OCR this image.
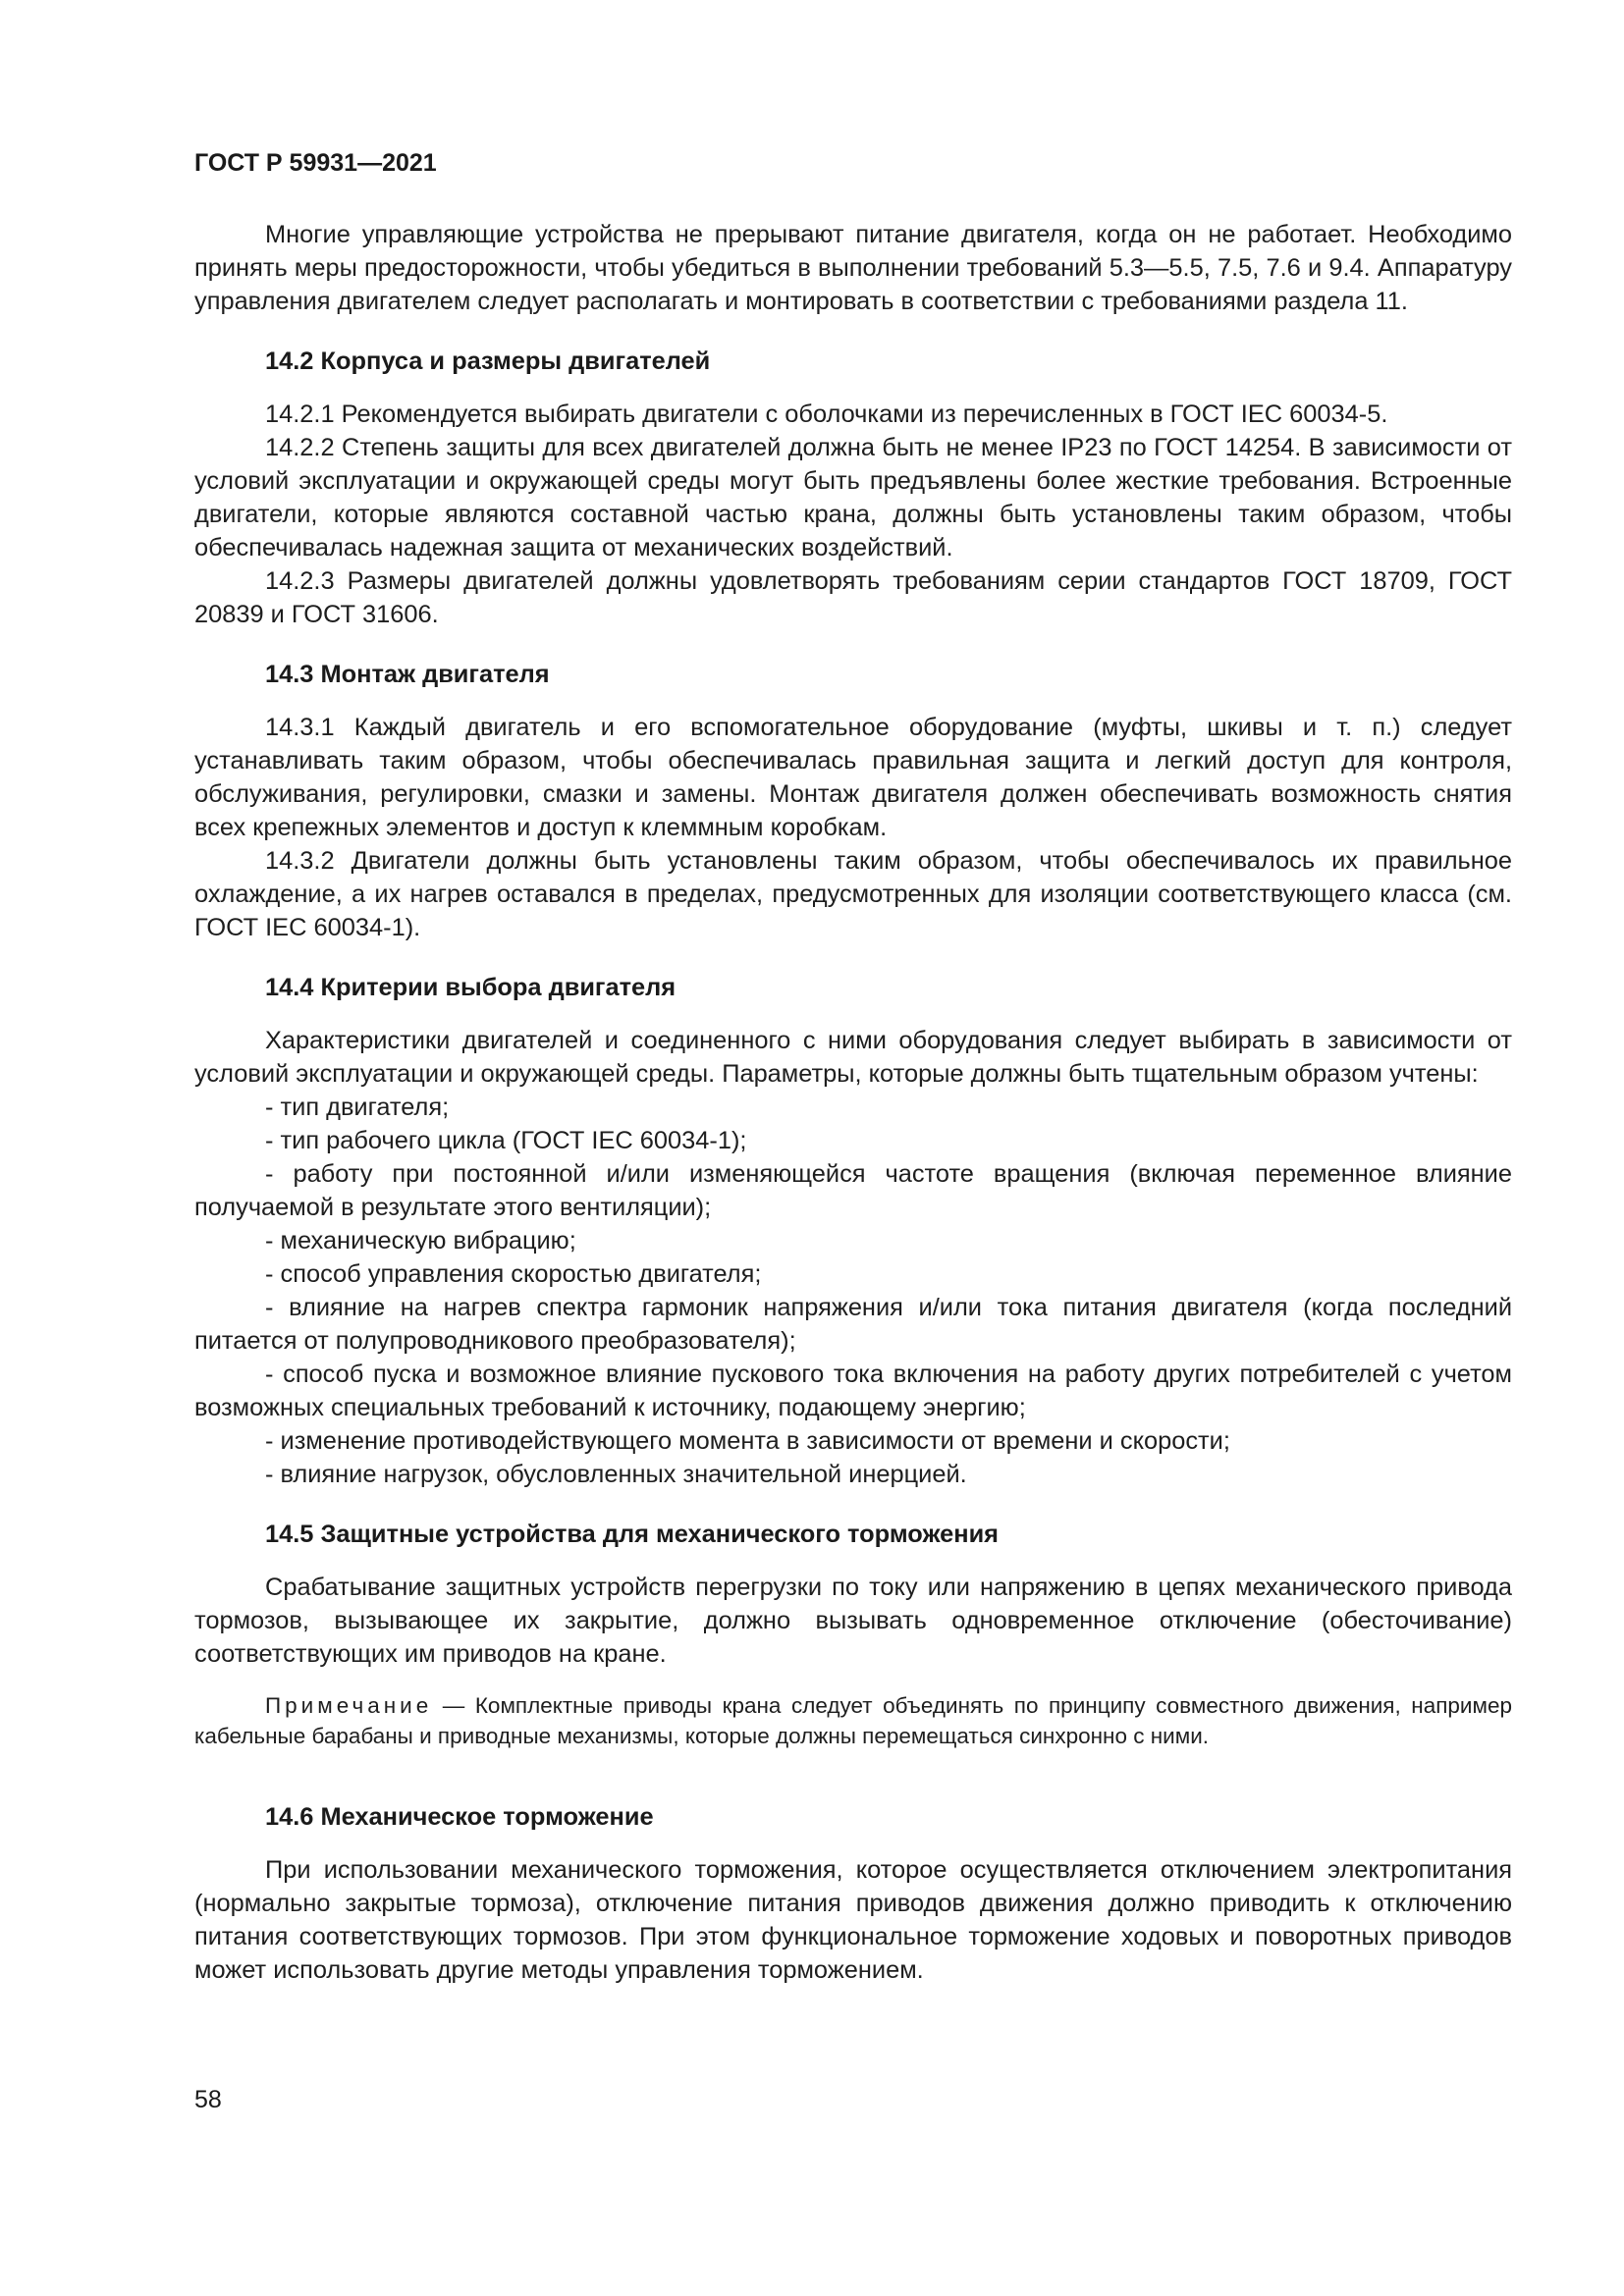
ГОСТ Р 59931—2021

Многие управляющие устройства не прерывают питание двигателя, когда он не работает. Необходимо принять меры предосторожности, чтобы убедиться в выполнении требований 5.3—5.5, 7.5, 7.6 и 9.4. Аппаратуру управления двигателем следует располагать и монтировать в соответствии с требованиями раздела 11.

14.2 Корпуса и размеры двигателей

14.2.1 Рекомендуется выбирать двигатели с оболочками из перечисленных в ГОСТ IEC 60034-5.

14.2.2 Степень защиты для всех двигателей должна быть не менее IP23 по ГОСТ 14254. В зависимости от условий эксплуатации и окружающей среды могут быть предъявлены более жесткие требования. Встроенные двигатели, которые являются составной частью крана, должны быть установлены таким образом, чтобы обеспечивалась надежная защита от механических воздействий.

14.2.3 Размеры двигателей должны удовлетворять требованиям серии стандартов ГОСТ 18709, ГОСТ 20839 и ГОСТ 31606.

14.3 Монтаж двигателя

14.3.1 Каждый двигатель и его вспомогательное оборудование (муфты, шкивы и т. п.) следует устанавливать таким образом, чтобы обеспечивалась правильная защита и легкий доступ для контроля, обслуживания, регулировки, смазки и замены. Монтаж двигателя должен обеспечивать возможность снятия всех крепежных элементов и доступ к клеммным коробкам.

14.3.2 Двигатели должны быть установлены таким образом, чтобы обеспечивалось их правильное охлаждение, а их нагрев оставался в пределах, предусмотренных для изоляции соответствующего класса (см. ГОСТ IEC 60034-1).

14.4 Критерии выбора двигателя

Характеристики двигателей и соединенного с ними оборудования следует выбирать в зависимости от условий эксплуатации и окружающей среды. Параметры, которые должны быть тщательным образом учтены:

- тип двигателя;

- тип рабочего цикла (ГОСТ IEC 60034-1);

- работу при постоянной и/или изменяющейся частоте вращения (включая переменное влияние получаемой в результате этого вентиляции);

- механическую вибрацию;

- способ управления скоростью двигателя;

- влияние на нагрев спектра гармоник напряжения и/или тока питания двигателя (когда последний питается от полупроводникового преобразователя);

- способ пуска и возможное влияние пускового тока включения на работу других потребителей с учетом возможных специальных требований к источнику, подающему энергию;

- изменение противодействующего момента в зависимости от времени и скорости;

- влияние нагрузок, обусловленных значительной инерцией.

14.5 Защитные устройства для механического торможения

Срабатывание защитных устройств перегрузки по току или напряжению в цепях механического привода тормозов, вызывающее их закрытие, должно вызывать одновременное отключение (обесточивание) соответствующих им приводов на кране.

Примечание — Комплектные приводы крана следует объединять по принципу совместного движения, например кабельные барабаны и приводные механизмы, которые должны перемещаться синхронно с ними.
14.6 Механическое торможение

При использовании механического торможения, которое осуществляется отключением электропитания (нормально закрытые тормоза), отключение питания приводов движения должно приводить к отключению питания соответствующих тормозов. При этом функциональное торможение ходовых и поворотных приводов может использовать другие методы управления торможением.

58
